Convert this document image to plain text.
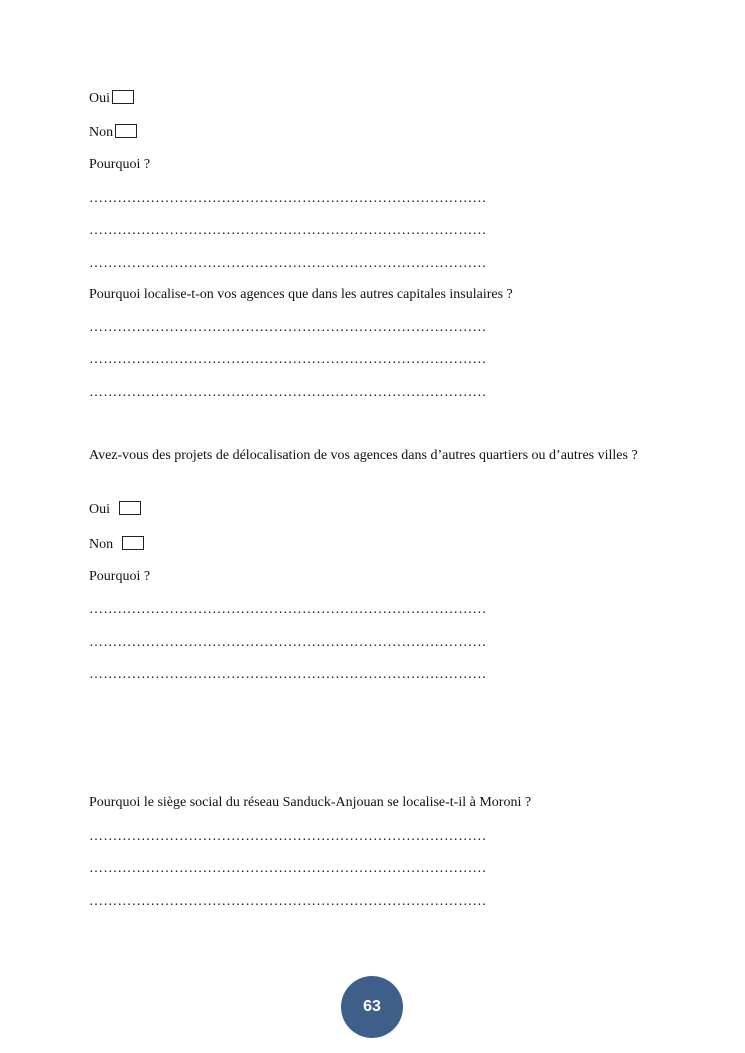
Oui
Non
Pourquoi ?
…………………………………………………………………………
…………………………………………………………………………
…………………………………………………………………………
Pourquoi localise-t-on vos agences que dans les autres capitales insulaires ?
…………………………………………………………………………
…………………………………………………………………………
…………………………………………………………………………
Avez-vous des projets de délocalisation de vos agences dans d’autres quartiers ou d’autres villes ?
Oui
Non
Pourquoi ?
…………………………………………………………………………
…………………………………………………………………………
…………………………………………………………………………
Pourquoi le siège social du réseau Sanduck-Anjouan se localise-t-il à Moroni ?
…………………………………………………………………………
…………………………………………………………………………
…………………………………………………………………………
63
